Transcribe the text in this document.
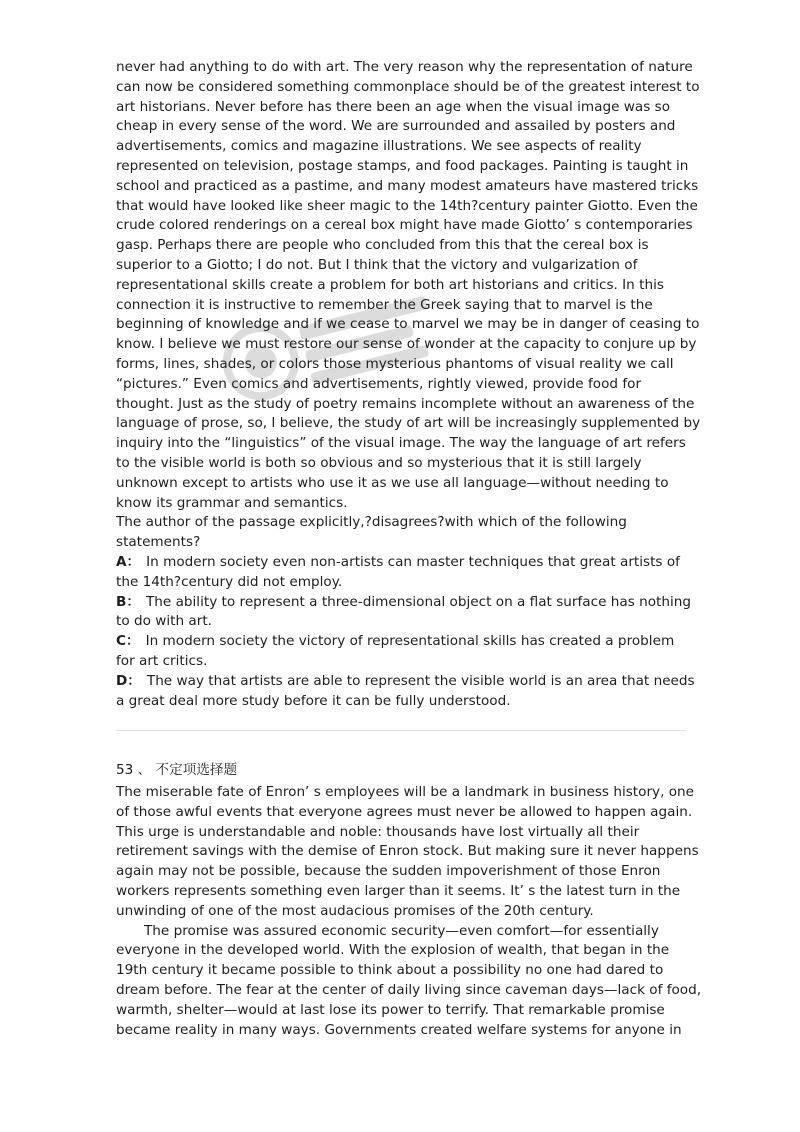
never had anything to do with art. The very reason why the representation of nature
can now be considered something commonplace should be of the greatest interest to
art historians. Never before has there been an age when the visual image was so
cheap in every sense of the word. We are surrounded and assailed by posters and
advertisements, comics and magazine illustrations. We see aspects of reality
represented on television, postage stamps, and food packages. Painting is taught in
school and practiced as a pastime, and many modest amateurs have mastered tricks
that would have looked like sheer magic to the 14th?century painter Giotto. Even the
crude colored renderings on a cereal box might have made Giotto’ s contemporaries
gasp. Perhaps there are people who concluded from this that the cereal box is
superior to a Giotto; I do not. But I think that the victory and vulgarization of
representational skills create a problem for both art historians and critics. In this
connection it is instructive to remember the Greek saying that to marvel is the
beginning of knowledge and if we cease to marvel we may be in danger of ceasing to
know. I believe we must restore our sense of wonder at the capacity to conjure up by
forms, lines, shades, or colors those mysterious phantoms of visual reality we call
“pictures.” Even comics and advertisements, rightly viewed, provide food for
thought. Just as the study of poetry remains incomplete without an awareness of the
language of prose, so, I believe, the study of art will be increasingly supplemented by
inquiry into the “linguistics” of the visual image. The way the language of art refers
to the visible world is both so obvious and so mysterious that it is still largely
unknown except to artists who use it as we use all language—without needing to
know its grammar and semantics.
The author of the passage explicitly,?disagrees?with which of the following
statements?
A： In modern society even non-artists can master techniques that great artists of
the 14th?century did not employ.
B： The ability to represent a three-dimensional object on a flat surface has nothing
to do with art.
C： In modern society the victory of representational skills has created a problem
for art critics.
D： The way that artists are able to represent the visible world is an area that needs
a great deal more study before it can be fully understood.
53 、 不定项选择题
The miserable fate of Enron’ s employees will be a landmark in business history, one
of those awful events that everyone agrees must never be allowed to happen again.
This urge is understandable and noble: thousands have lost virtually all their
retirement savings with the demise of Enron stock. But making sure it never happens
again may not be possible, because the sudden impoverishment of those Enron
workers represents something even larger than it seems. It’ s the latest turn in the
unwinding of one of the most audacious promises of the 20th century.
The promise was assured economic security—even comfort—for essentially
everyone in the developed world. With the explosion of wealth, that began in the
19th century it became possible to think about a possibility no one had dared to
dream before. The fear at the center of daily living since caveman days—lack of food,
warmth, shelter—would at last lose its power to terrify. That remarkable promise
became reality in many ways. Governments created welfare systems for anyone in
